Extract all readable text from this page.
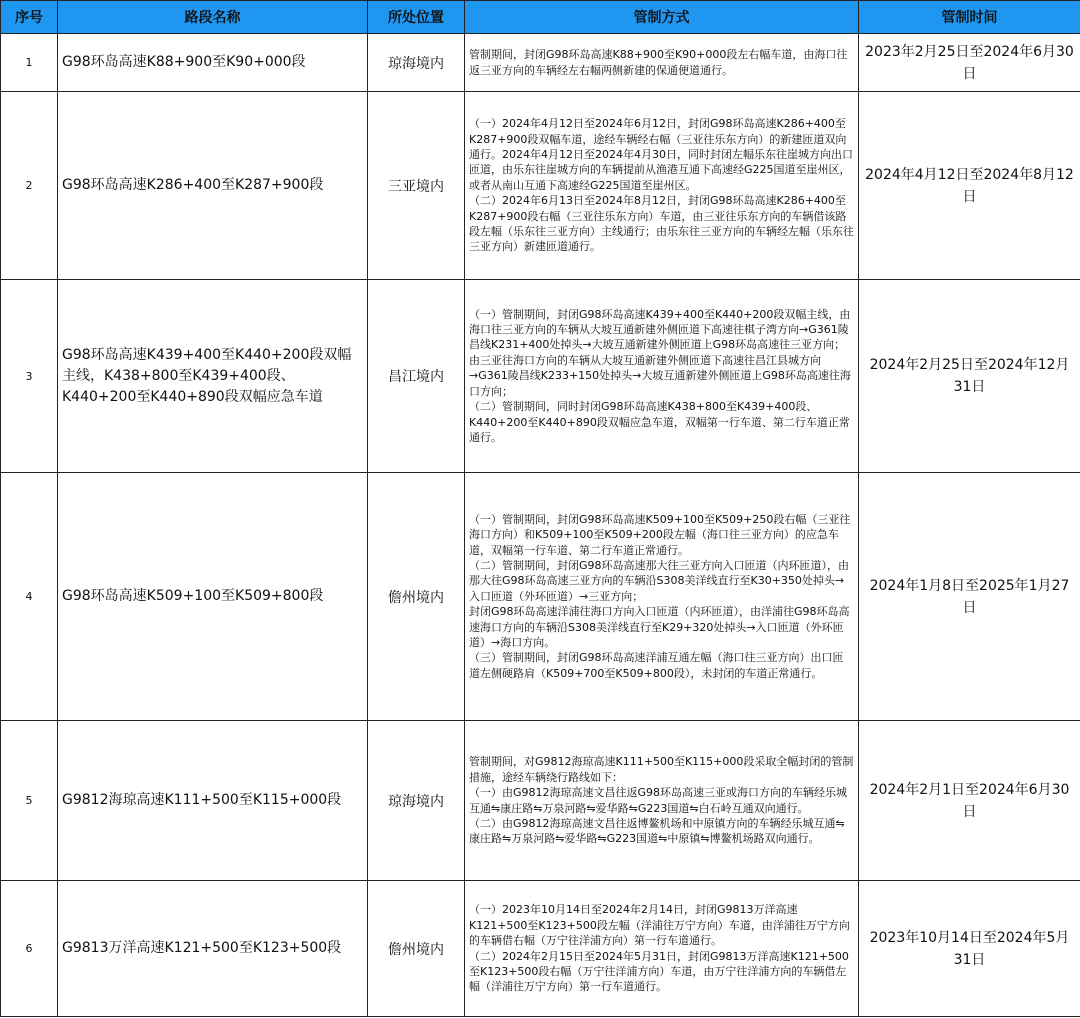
序号	路段名称	所处位置	管制方式	管制时间
1	G98环岛高速K88+900至K90+000段	琼海境内	管制期间，封闭G98环岛高速K88+900至K90+000段左右幅车道，由海口往返三亚方向的车辆经左右幅两侧新建的保通便道通行。	2023年2月25日至2024年6月30日
2	G98环岛高速K286+400至K287+900段	三亚境内	（一）2024年4月12日至2024年6月12日，封闭G98环岛高速K286+400至K287+900段双幅车道，途经车辆经右幅（三亚往乐东方向）的新建匝道双向通行。2024年4月12日至2024年4月30日，同时封闭左幅乐东往崖城方向出口匝道，由乐东往崖城方向的车辆提前从渔港互通下高速经G225国道至崖州区，或者从南山互通下高速经G225国道至崖州区。
（二）2024年6月13日至2024年8月12日，封闭G98环岛高速K286+400至K287+900段右幅（三亚往乐东方向）车道，由三亚往乐东方向的车辆借该路段左幅（乐东往三亚方向）主线通行；由乐东往三亚方向的车辆经左幅（乐东往三亚方向）新建匝道通行。	2024年4月12日至2024年8月12日
3	G98环岛高速K439+400至K440+200段双幅主线，K438+800至K439+400段、K440+200至K440+890段双幅应急车道	昌江境内	（一）管制期间，封闭G98环岛高速K439+400至K440+200段双幅主线，由海口往三亚方向的车辆从大坡互通新建外侧匝道下高速往棋子湾方向→G361陵昌线K231+400处掉头→大坡互通新建外侧匝道上G98环岛高速往三亚方向；
由三亚往海口方向的车辆从大坡互通新建外侧匝道下高速往昌江县城方向→G361陵昌线K233+150处掉头→大坡互通新建外侧匝道上G98环岛高速往海口方向；
（二）管制期间，同时封闭G98环岛高速K438+800至K439+400段、K440+200至K440+890段双幅应急车道，双幅第一行车道、第二行车道正常通行。	2024年2月25日至2024年12月31日
4	G98环岛高速K509+100至K509+800段	儋州境内	（一）管制期间，封闭G98环岛高速K509+100至K509+250段右幅（三亚往海口方向）和K509+100至K509+200段左幅（海口往三亚方向）的应急车道，双幅第一行车道、第二行车道正常通行。
（二）管制期间，封闭G98环岛高速那大往三亚方向入口匝道（内环匝道），由那大往G98环岛高速三亚方向的车辆沿S308美洋线直行至K30+350处掉头→入口匝道（外环匝道）→三亚方向；
封闭G98环岛高速洋浦往海口方向入口匝道（内环匝道），由洋浦往G98环岛高速海口方向的车辆沿S308美洋线直行至K29+320处掉头→入口匝道（外环匝道）→海口方向。
（三）管制期间，封闭G98环岛高速洋浦互通左幅（海口往三亚方向）出口匝道左侧硬路肩（K509+700至K509+800段），未封闭的车道正常通行。	2024年1月8日至2025年1月27日
5	G9812海琼高速K111+500至K115+000段	琼海境内	管制期间，对G9812海琼高速K111+500至K115+000段采取全幅封闭的管制措施，途经车辆绕行路线如下：
（一）由G9812海琼高速文昌往返G98环岛高速三亚或海口方向的车辆经乐城互通⇋康庄路⇋万泉河路⇋爱华路⇋G223国道⇋白石岭互通双向通行。
（二）由G9812海琼高速文昌往返博鳌机场和中原镇方向的车辆经乐城互通⇋康庄路⇋万泉河路⇋爱华路⇋G223国道⇋中原镇⇋博鳌机场路双向通行。	2024年2月1日至2024年6月30日
6	G9813万洋高速K121+500至K123+500段	儋州境内	（一）2023年10月14日至2024年2月14日，封闭G9813万洋高速K121+500至K123+500段左幅（洋浦往万宁方向）车道，由洋浦往万宁方向的车辆借右幅（万宁往洋浦方向）第一行车道通行。
（二）2024年2月15日至2024年5月31日，封闭G9813万洋高速K121+500至K123+500段右幅（万宁往洋浦方向）车道，由万宁往洋浦方向的车辆借左幅（洋浦往万宁方向）第一行车道通行。	2023年10月14日至2024年5月31日
